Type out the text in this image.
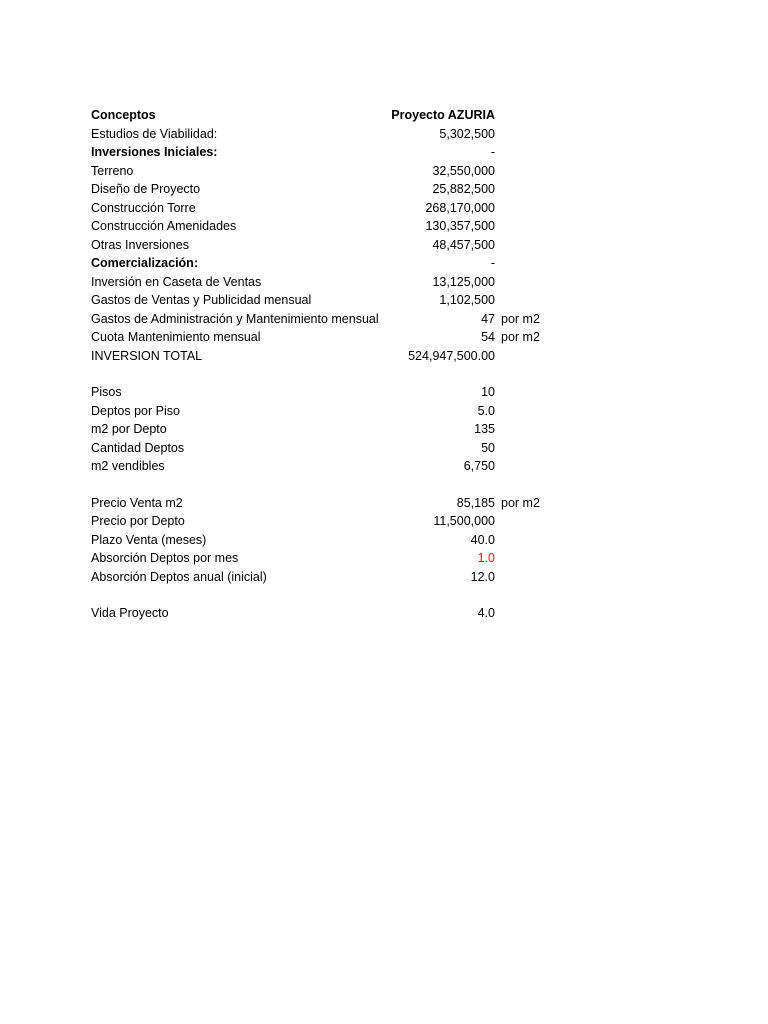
Conceptos	Proyecto AZURIA
Estudios de Viabilidad:	5,302,500
Inversiones Iniciales:	-
Terreno	32,550,000
Diseño de Proyecto	25,882,500
Construcción Torre	268,170,000
Construcción Amenidades	130,357,500
Otras Inversiones	48,457,500
Comercialización:	-
Inversión en Caseta de Ventas	13,125,000
Gastos de Ventas y Publicidad mensual	1,102,500
Gastos de Administración y Mantenimiento mensual	47 por m2
Cuota Mantenimiento mensual	54 por m2
INVERSION TOTAL	524,947,500.00
Pisos	10
Deptos por Piso	5.0
m2 por Depto	135
Cantidad Deptos	50
m2 vendibles	6,750
Precio Venta m2	85,185 por m2
Precio por Depto	11,500,000
Plazo Venta (meses)	40.0
Absorción Deptos por mes	1.0
Absorción Deptos anual (inicial)	12.0
Vida Proyecto	4.0
